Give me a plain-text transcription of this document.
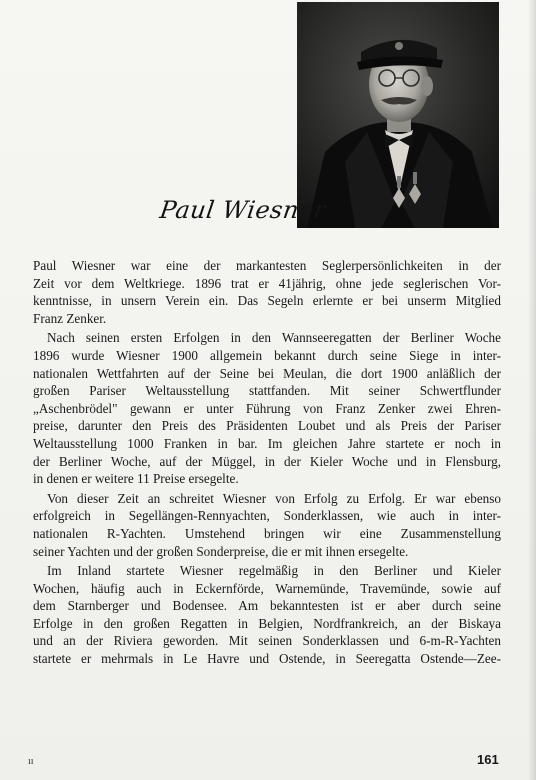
Paul Wiesner

Paul Wiesner war eine der markantesten Seglerpersönlichkeiten in der
Zeit vor dem Weltkriege. 1896 trat er 41jährig, ohne jede seglerischen Vor-
kenntnisse, in unsern Verein ein. Das Segeln erlernte er bei unserm Mitglied
Franz Zenker.

Nach seinen ersten Erfolgen in den Wannseeregatten der Berliner Woche
1896 wurde Wiesner 1900 allgemein bekannt durch seine Siege in inter-
nationalen Wettfahrten auf der Seine bei Meulan, die dort 1900 anläßlich der
großen Pariser Weltausstellung stattfanden. Mit seiner Schwertflunder
„Aschenbrödel" gewann er unter Führung von Franz Zenker zwei Ehren-
preise, darunter den Preis des Präsidenten Loubet und als Preis der Pariser
Weltausstellung 1000 Franken in bar. Im gleichen Jahre startete er noch in
der Berliner Woche, auf der Müggel, in der Kieler Woche und in Flensburg,
in denen er weitere 11 Preise ersegelte.

Von dieser Zeit an schreitet Wiesner von Erfolg zu Erfolg. Er war ebenso
erfolgreich in Segellängen-Rennyachten, Sonderklassen, wie auch in inter-
nationalen R-Yachten. Umstehend bringen wir eine Zusammenstellung
seiner Yachten und der großen Sonderpreise, die er mit ihnen ersegelte.

Im Inland startete Wiesner regelmäßig in den Berliner und Kieler
Wochen, häufig auch in Eckernförde, Warnemünde, Travemünde, sowie auf
dem Starnberger und Bodensee. Am bekanntesten ist er aber durch seine
Erfolge in den großen Regatten in Belgien, Nordfrankreich, an der Biskaya
und an der Riviera geworden. Mit seinen Sonderklassen und 6-m-R-Yachten
startete er mehrmals in Le Havre und Ostende, in Seeregatta Ostende—Zee-

ıı	161
